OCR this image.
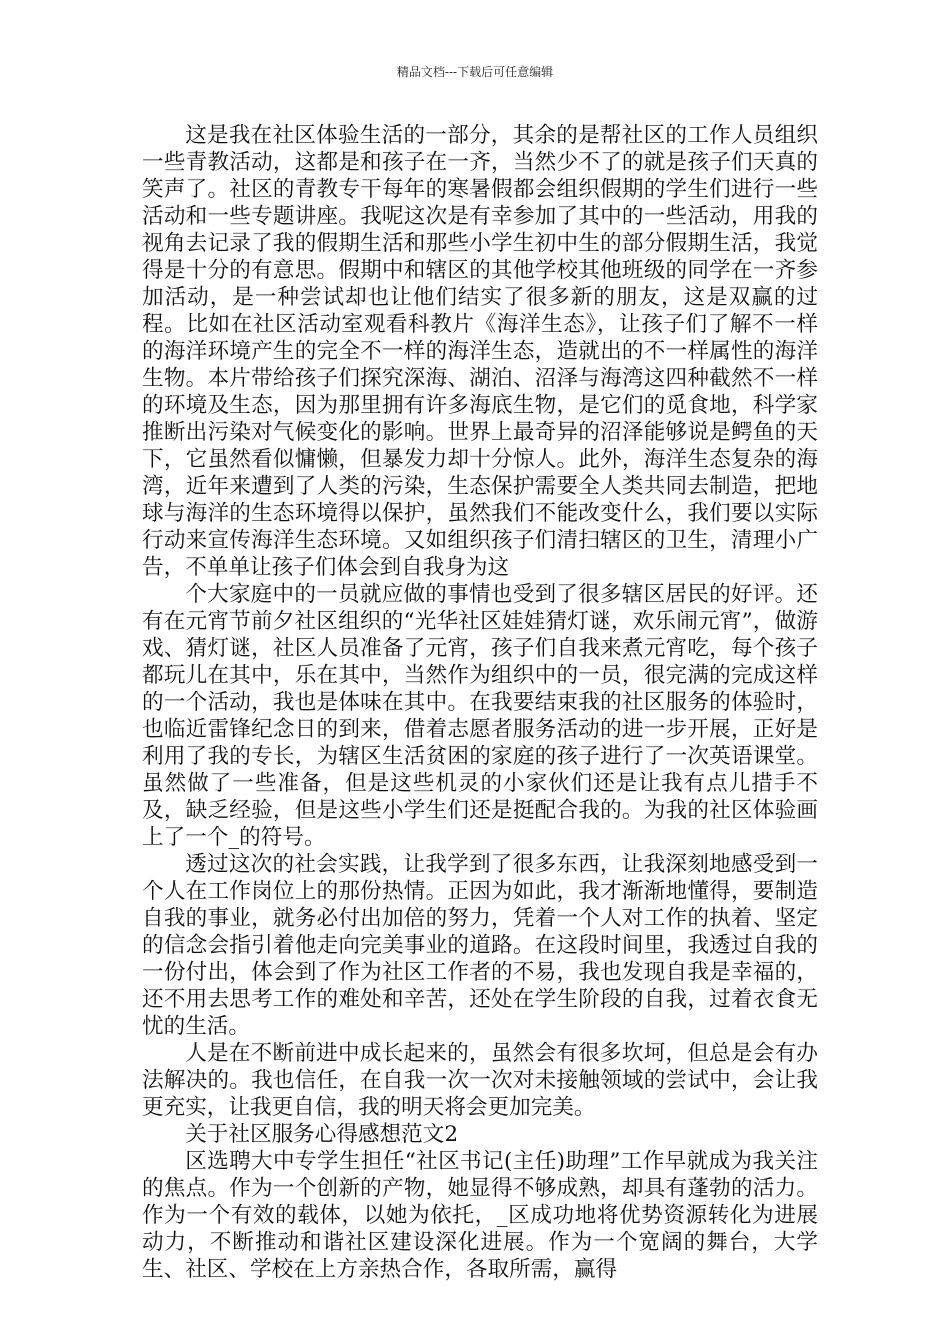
精品文档---下载后可任意编辑

这是我在社区体验生活的一部分，其余的是帮社区的工作人员组织一些青教活动，这都是和孩子在一齐，当然少不了的就是孩子们天真的笑声了。社区的青教专干每年的寒暑假都会组织假期的学生们进行一些活动和一些专题讲座。我呢这次是有幸参加了其中的一些活动，用我的视角去记录了我的假期生活和那些小学生初中生的部分假期生活，我觉得是十分的有意思。假期中和辖区的其他学校其他班级的同学在一齐参加活动，是一种尝试却也让他们结实了很多新的朋友，这是双赢的过程。比如在社区活动室观看科教片《海洋生态》，让孩子们了解不一样的海洋环境产生的完全不一样的海洋生态，造就出的不一样属性的海洋生物。本片带给孩子们探究深海、湖泊、沼泽与海湾这四种截然不一样的环境及生态，因为那里拥有许多海底生物，是它们的觅食地，科学家推断出污染对气候变化的影响。世界上最奇异的沼泽能够说是鳄鱼的天下，它虽然看似慵懒，但暴发力却十分惊人。此外，海洋生态复杂的海湾，近年来遭到了人类的污染，生态保护需要全人类共同去制造，把地球与海洋的生态环境得以保护，虽然我们不能改变什么，我们要以实际行动来宣传海洋生态环境。又如组织孩子们清扫辖区的卫生，清理小广告，不单单让孩子们体会到自我身为这

个大家庭中的一员就应做的事情也受到了很多辖区居民的好评。还有在元宵节前夕社区组织的“光华社区娃娃猜灯谜，欢乐闹元宵”，做游戏、猜灯谜，社区人员准备了元宵，孩子们自我来煮元宵吃，每个孩子都玩儿在其中，乐在其中，当然作为组织中的一员，很完满的完成这样的一个活动，我也是体味在其中。在我要结束我的社区服务的体验时，也临近雷锋纪念日的到来，借着志愿者服务活动的进一步开展，正好是利用了我的专长，为辖区生活贫困的家庭的孩子进行了一次英语课堂。虽然做了一些准备，但是这些机灵的小家伙们还是让我有点儿措手不及，缺乏经验，但是这些小学生们还是挺配合我的。为我的社区体验画上了一个_的符号。

透过这次的社会实践，让我学到了很多东西，让我深刻地感受到一个人在工作岗位上的那份热情。正因为如此，我才渐渐地懂得，要制造自我的事业，就务必付出加倍的努力，凭着一个人对工作的执着、坚定的信念会指引着他走向完美事业的道路。在这段时间里，我透过自我的一份付出，体会到了作为社区工作者的不易，我也发现自我是幸福的，还不用去思考工作的难处和辛苦，还处在学生阶段的自我，过着衣食无忧的生活。

人是在不断前进中成长起来的，虽然会有很多坎坷，但总是会有办法解决的。我也信任，在自我一次一次对未接触领域的尝试中，会让我更充实，让我更自信，我的明天将会更加完美。

关于社区服务心得感想范文2

区选聘大中专学生担任“社区书记(主任)助理”工作早就成为我关注的焦点。作为一个创新的产物，她显得不够成熟，却具有蓬勃的活力。作为一个有效的载体，以她为依托，_区成功地将优势资源转化为进展动力，不断推动和谐社区建设深化进展。作为一个宽阔的舞台，大学生、社区、学校在上方亲热合作，各取所需，赢得
